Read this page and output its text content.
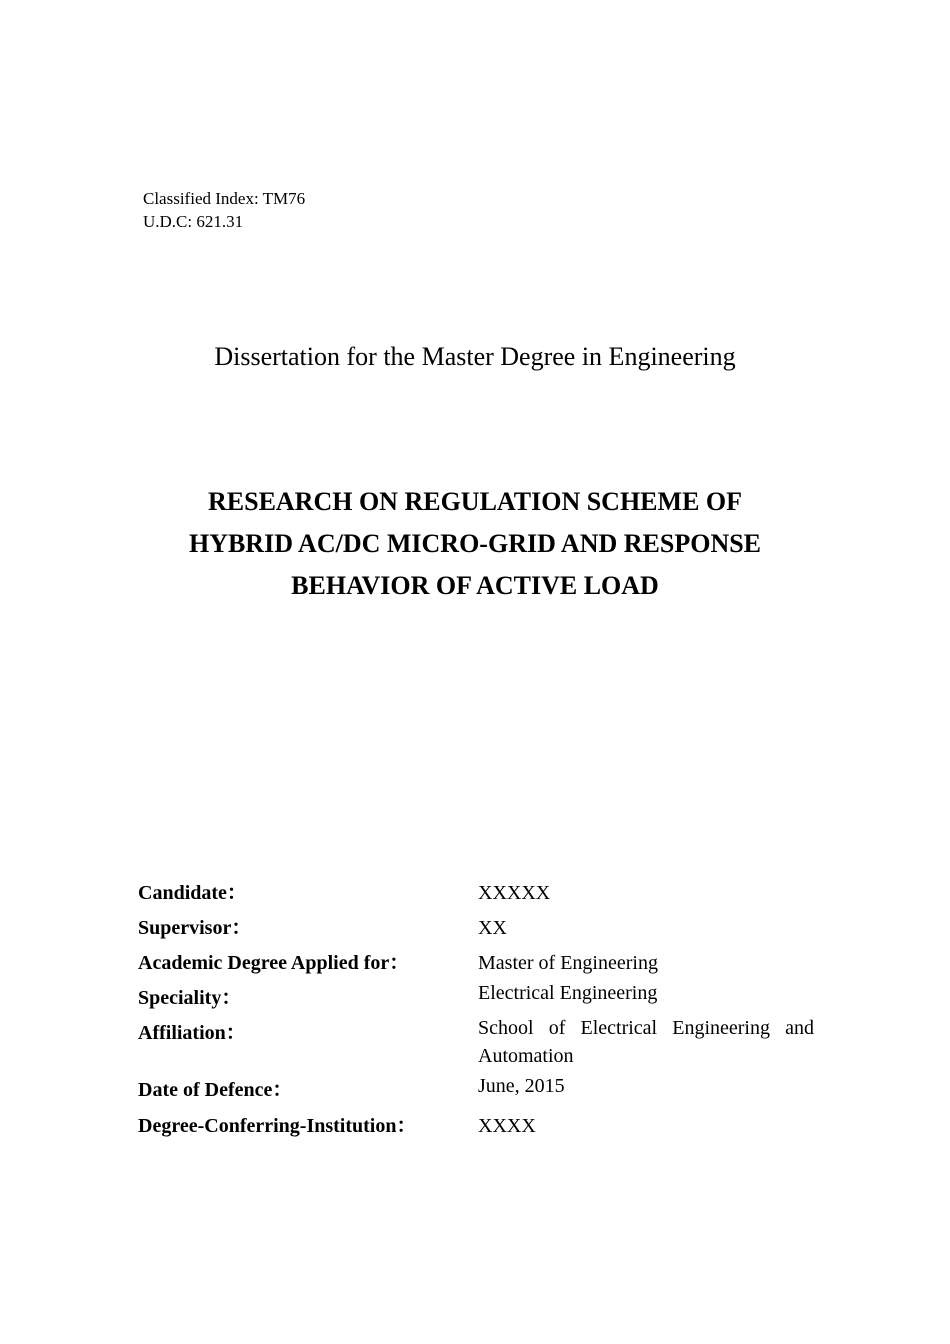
Classified Index: TM76
U.D.C: 621.31
Dissertation for the Master Degree in Engineering
RESEARCH ON REGULATION SCHEME OF
HYBRID AC/DC MICRO-GRID AND RESPONSE
BEHAVIOR OF ACTIVE LOAD
Candidate：	XXXXX
Supervisor：	XX
Academic Degree Applied for：	Master of Engineering
Speciality：	Electrical Engineering
Affiliation：	School of Electrical Engineering and Automation
Date of Defence：	June, 2015
Degree-Conferring-Institution：	XXXX
